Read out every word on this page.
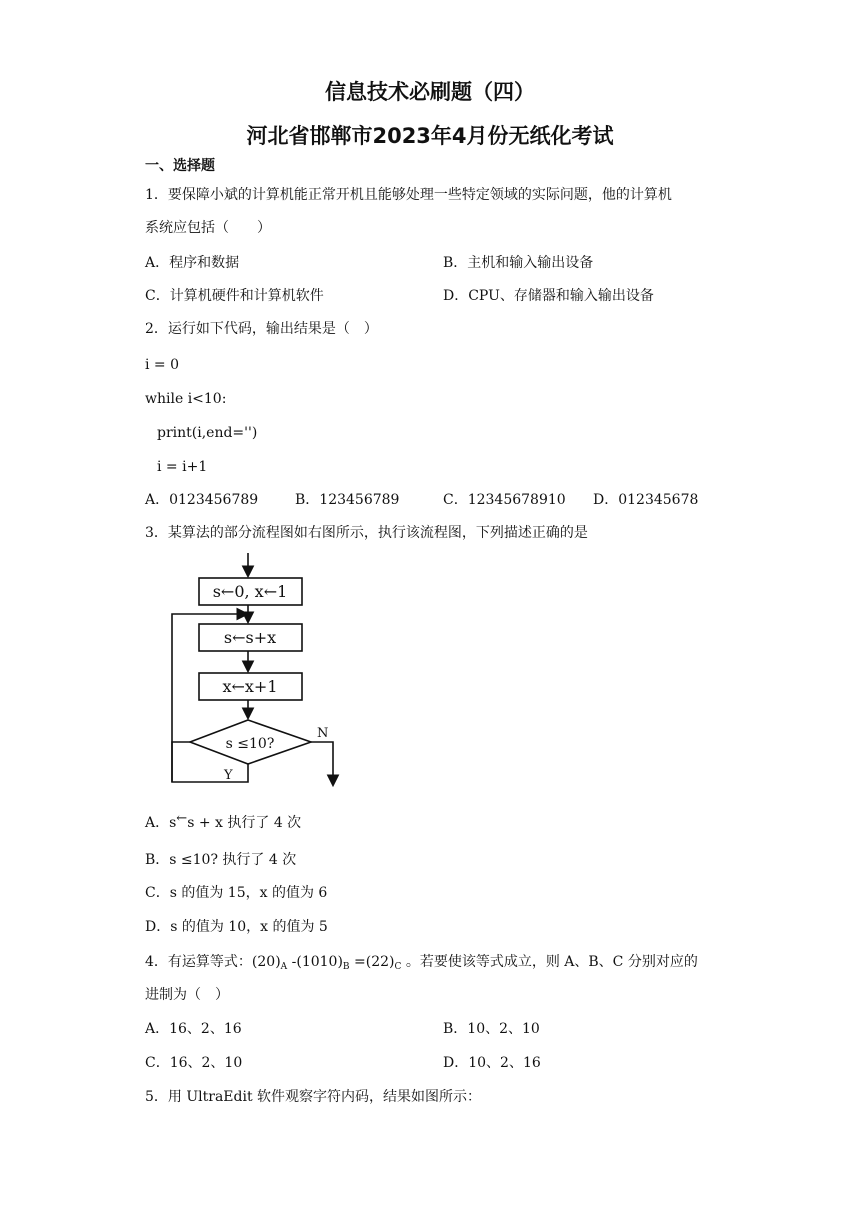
信息技术必刷题（四）
河北省邯郸市2023年4月份无纸化考试
一、选择题
1．要保障小斌的计算机能正常开机且能够处理一些特定领域的实际问题，他的计算机
系统应包括（　　）
A．程序和数据	B．主机和输入输出设备
C．计算机硬件和计算机软件	D．CPU、存储器和输入输出设备
2．运行如下代码，输出结果是（　）
i = 0
while i<10:
print(i,end='')
i = i+1
A．0123456789	B．123456789	C．12345678910 D．012345678
3．某算法的部分流程图如右图所示，执行该流程图，下列描述正确的是
s←0, x←1
s←s+x
x←x+1
s ≤10?
N
Y
A．s←s + x 执行了 4 次
B．s ≤10? 执行了 4 次
C．s 的值为 15，x 的值为 6
D．s 的值为 10，x 的值为 5
4．有运算等式：$(20)_A$ $-(1010)_B =(22)_C$ 。若要使该等式成立，则 A、B、C 分别对应的
进制为（　）
A．16、2、16	B．10、2、10
C．16、2、10	D．10、2、16
5．用 UltraEdit 软件观察字符内码，结果如图所示：
